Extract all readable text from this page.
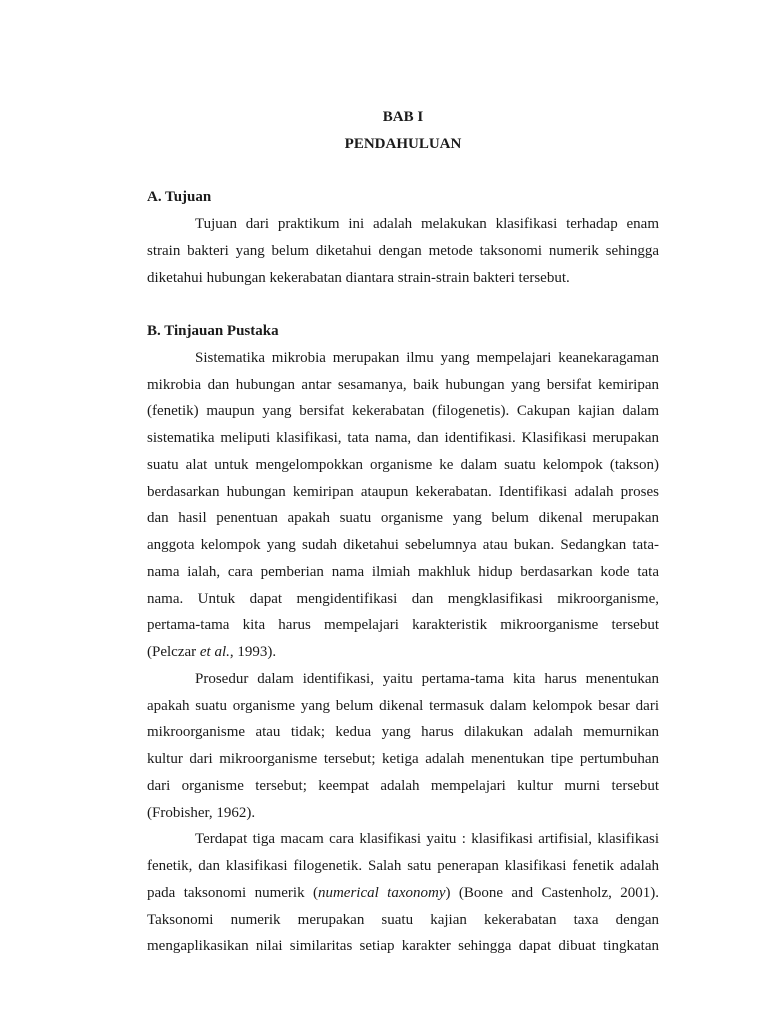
BAB I
PENDAHULUAN
A. Tujuan
Tujuan dari praktikum ini adalah melakukan klasifikasi terhadap enam
strain bakteri yang belum diketahui dengan metode taksonomi numerik sehingga
diketahui hubungan kekerabatan diantara strain-strain bakteri tersebut.
B. Tinjauan Pustaka
Sistematika mikrobia merupakan ilmu yang mempelajari keanekaragaman
mikrobia dan hubungan antar sesamanya, baik hubungan yang bersifat kemiripan
(fenetik) maupun yang bersifat kekerabatan (filogenetis). Cakupan kajian dalam
sistematika meliputi klasifikasi, tata nama, dan identifikasi. Klasifikasi merupakan
suatu alat untuk mengelompokkan organisme ke dalam suatu kelompok (takson)
berdasarkan hubungan kemiripan ataupun kekerabatan. Identifikasi adalah proses
dan hasil penentuan apakah suatu organisme yang belum dikenal merupakan
anggota kelompok yang sudah diketahui sebelumnya atau bukan. Sedangkan tata-
nama ialah, cara pemberian nama ilmiah makhluk hidup berdasarkan kode tata
nama. Untuk dapat mengidentifikasi dan mengklasifikasi mikroorganisme,
pertama-tama kita harus mempelajari karakteristik mikroorganisme tersebut
(Pelczar et al., 1993).
Prosedur dalam identifikasi, yaitu pertama-tama kita harus menentukan
apakah suatu organisme yang belum dikenal termasuk dalam kelompok besar dari
mikroorganisme atau tidak; kedua yang harus dilakukan adalah memurnikan
kultur dari mikroorganisme tersebut; ketiga adalah menentukan tipe pertumbuhan
dari organisme tersebut; keempat adalah mempelajari kultur murni tersebut
(Frobisher, 1962).
Terdapat tiga macam cara klasifikasi yaitu : klasifikasi artifisial, klasifikasi
fenetik, dan klasifikasi filogenetik. Salah satu penerapan klasifikasi fenetik adalah
pada taksonomi numerik (numerical taxonomy) (Boone and Castenholz, 2001).
Taksonomi numerik merupakan suatu kajian kekerabatan taxa dengan
mengaplikasikan nilai similaritas setiap karakter sehingga dapat dibuat tingkatan
